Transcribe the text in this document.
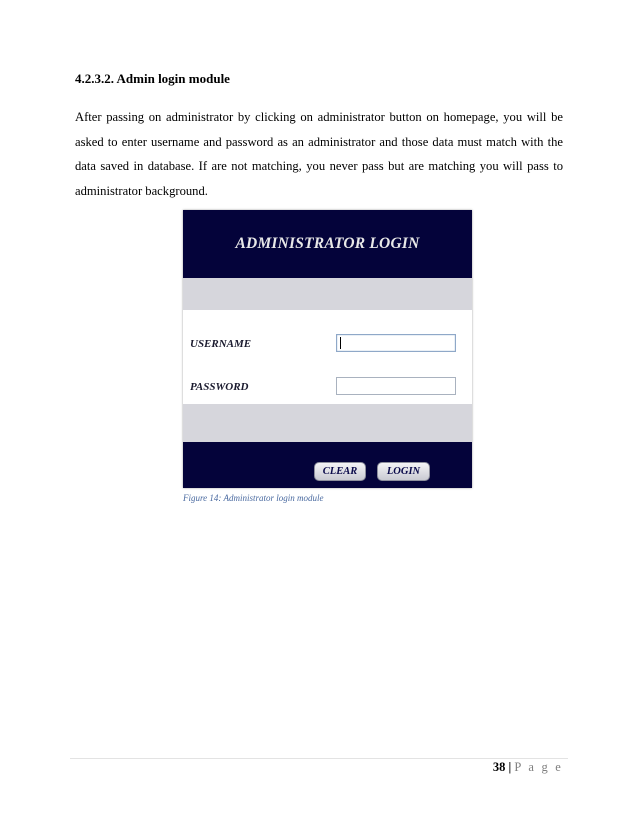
4.2.3.2. Admin login module

After passing on administrator by clicking on administrator button on homepage, you will be asked to enter username and password as an administrator and those data must match with the data saved in database. If are not matching, you never pass but are matching you will pass to administrator background.

ADMINISTRATOR LOGIN
USERNAME
PASSWORD
CLEAR	LOGIN
Figure 14: Administrator login module
38 | P a g e
